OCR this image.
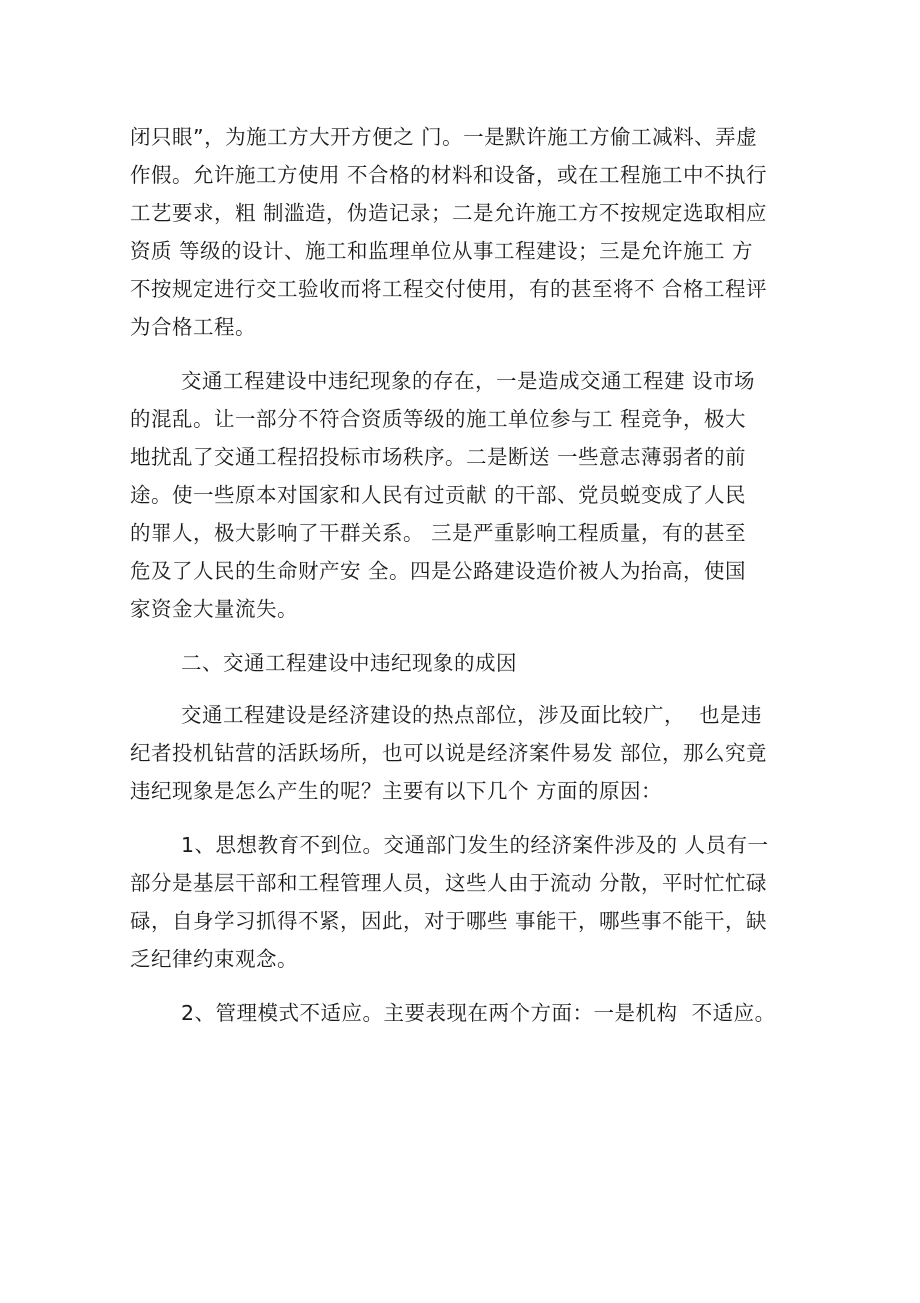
闭只眼”，为施工方大开方便之 门。一是默许施工方偷工减料、弄虚
作假。允许施工方使用 不合格的材料和设备，或在工程施工中不执行
工艺要求，粗 制滥造，伪造记录；二是允许施工方不按规定选取相应
资质 等级的设计、施工和监理单位从事工程建设；三是允许施工 方
不按规定进行交工验收而将工程交付使用，有的甚至将不 合格工程评
为合格工程。
交通工程建设中违纪现象的存在，一是造成交通工程建 设市场
的混乱。让一部分不符合资质等级的施工单位参与工 程竞争，极大
地扰乱了交通工程招投标市场秩序。二是断送 一些意志薄弱者的前
途。使一些原本对国家和人民有过贡献 的干部、党员蜕变成了人民
的罪人，极大影响了干群关系。 三是严重影响工程质量，有的甚至
危及了人民的生命财产安 全。四是公路建设造价被人为抬高，使国
家资金大量流失。
二、交通工程建设中违纪现象的成因
交通工程建设是经济建设的热点部位，涉及面比较广，  也是违
纪者投机钻营的活跃场所，也可以说是经济案件易发 部位，那么究竟
违纪现象是怎么产生的呢？主要有以下几个 方面的原因：
1、思想教育不到位。交通部门发生的经济案件涉及的 人员有一
部分是基层干部和工程管理人员，这些人由于流动 分散，平时忙忙碌
碌，自身学习抓得不紧，因此，对于哪些 事能干，哪些事不能干，缺
乏纪律约束观念。
2、管理模式不适应。主要表现在两个方面：一是机构  不适应。
